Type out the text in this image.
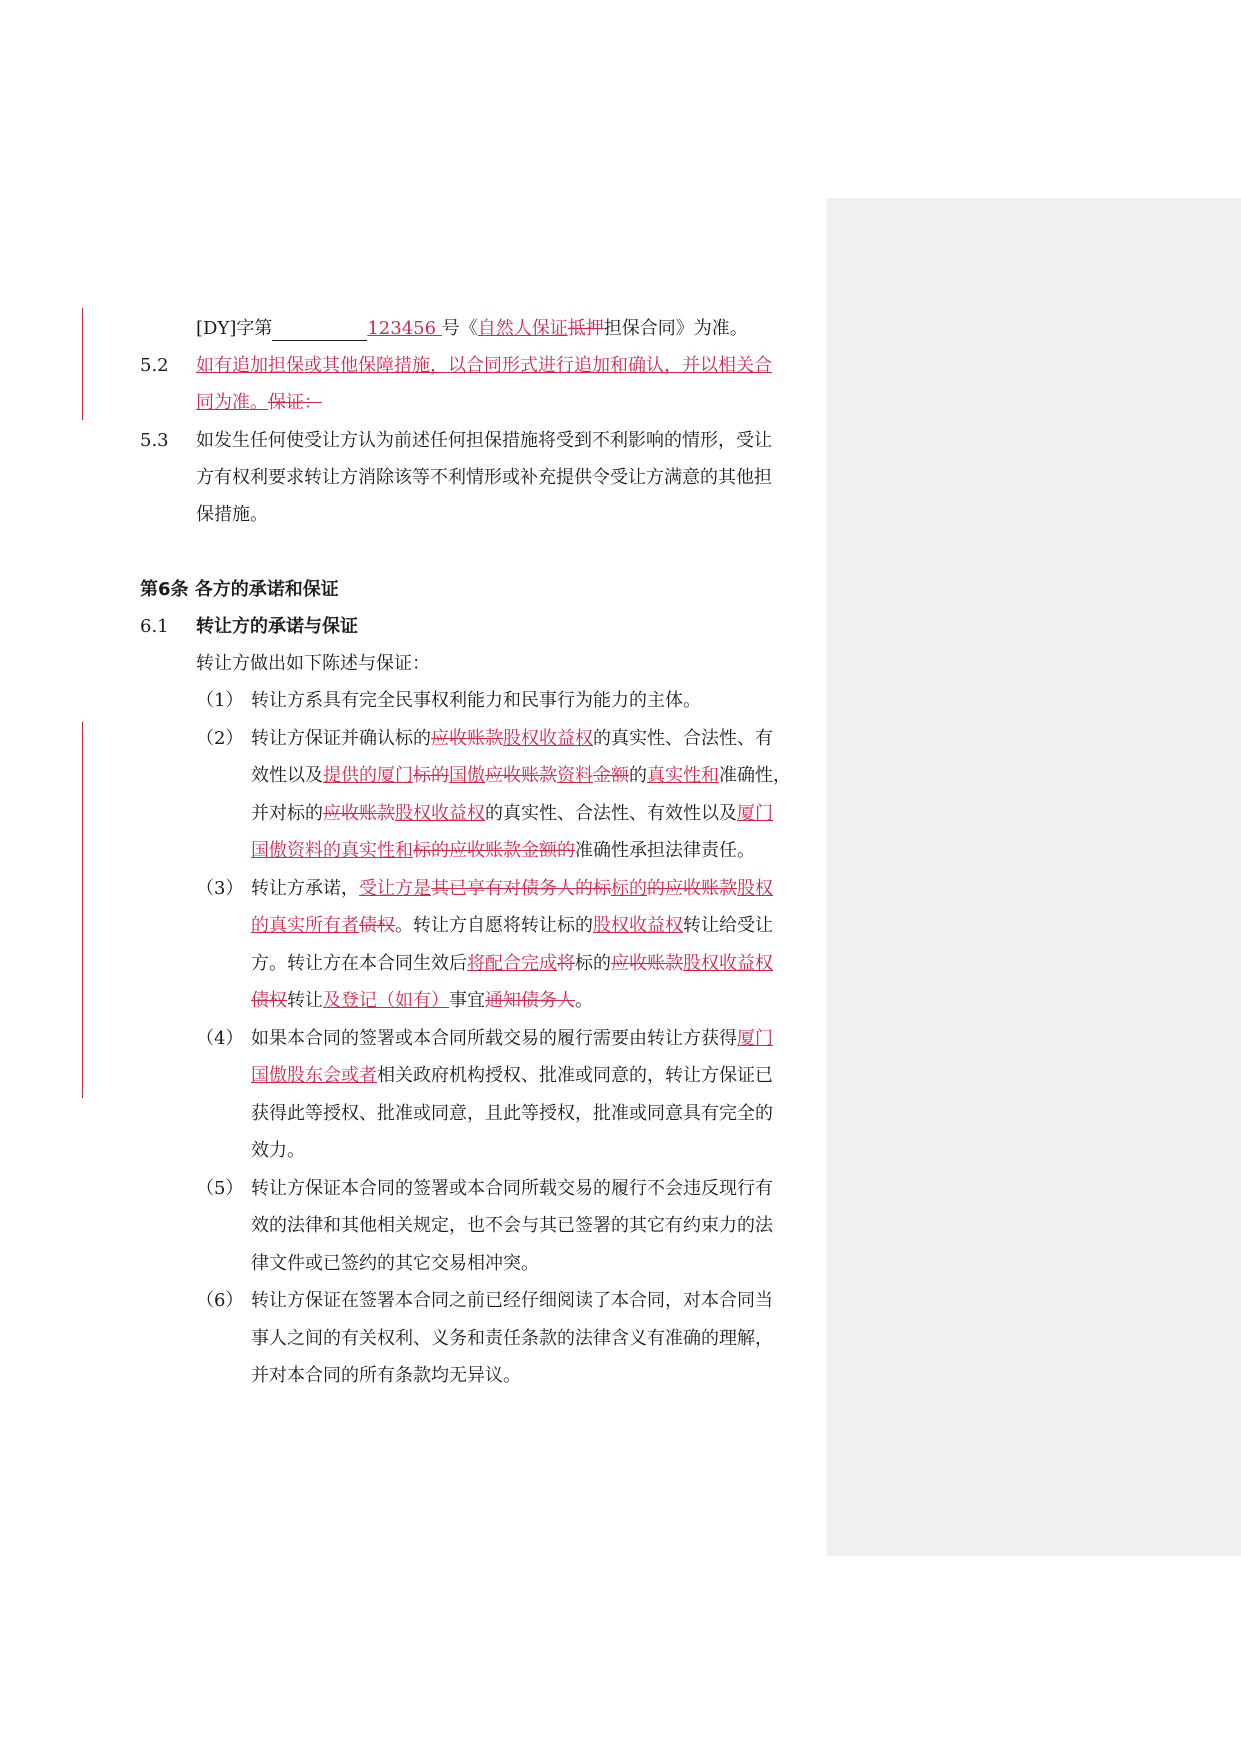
[DY]字第	123456 号《自然人保证抵押担保合同》为准。
5.2 如有追加担保或其他保障措施，以合同形式进行追加和确认，并以相关合
同为准。保证：
5.3 如发生任何使受让方认为前述任何担保措施将受到不利影响的情形，受让
方有权利要求转让方消除该等不利情形或补充提供令受让方满意的其他担
保措施。
第6条 各方的承诺和保证
6.1 转让方的承诺与保证
转让方做出如下陈述与保证：
（1） 转让方系具有完全民事权利能力和民事行为能力的主体。
（2） 转让方保证并确认标的应收账款股权收益权的真实性、合法性、有
效性以及提供的厦门标的国傲应收账款资料金额的真实性和准确性，
并对标的应收账款股权收益权的真实性、合法性、有效性以及厦门
国傲资料的真实性和标的应收账款金额的准确性承担法律责任。
（3） 转让方承诺，受让方是其已享有对债务人的标标的的应收账款股权
的真实所有者债权。转让方自愿将转让标的股权收益权转让给受让
方。转让方在本合同生效后将配合完成将标的应收账款股权收益权
债权转让及登记（如有）事宜通知债务人。
（4） 如果本合同的签署或本合同所载交易的履行需要由转让方获得厦门
国傲股东会或者相关政府机构授权、批准或同意的，转让方保证已
获得此等授权、批准或同意，且此等授权，批准或同意具有完全的
效力。
（5） 转让方保证本合同的签署或本合同所载交易的履行不会违反现行有
效的法律和其他相关规定，也不会与其已签署的其它有约束力的法
律文件或已签约的其它交易相冲突。
（6） 转让方保证在签署本合同之前已经仔细阅读了本合同，对本合同当
事人之间的有关权利、义务和责任条款的法律含义有准确的理解，
并对本合同的所有条款均无异议。
